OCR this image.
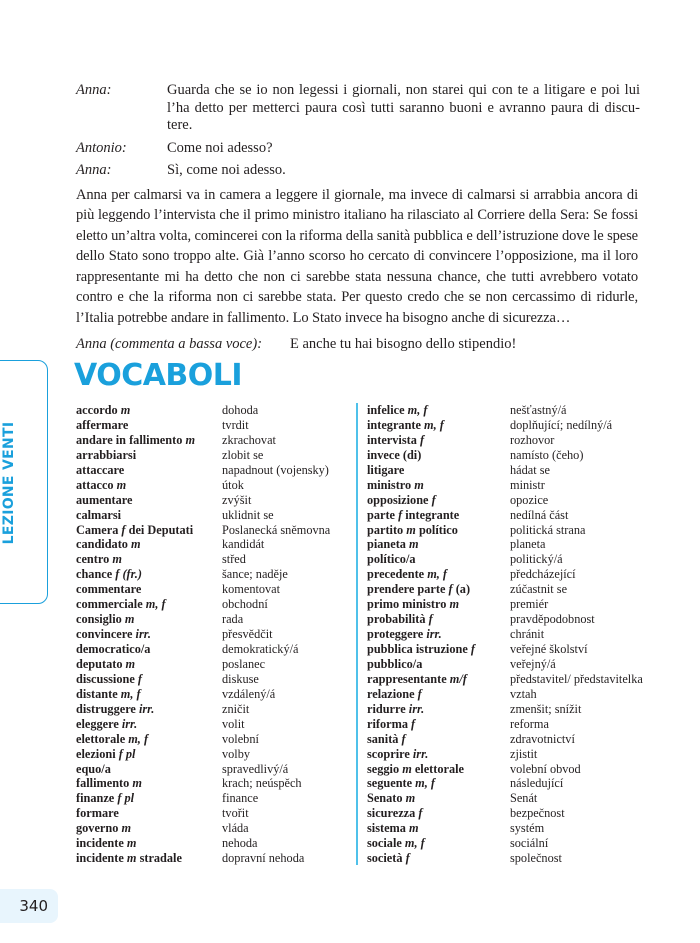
Anna:	Guarda che se io non legessi i giornali, non starei qui con te a litigare e poi lui l’ha detto per metterci paura così tutti saranno buoni e avranno paura di discu-tere.
Antonio:	Come noi adesso?
Anna:	Sì, come noi adesso.
Anna per calmarsi va in camera a leggere il giornale, ma invece di calmarsi si arrabbia ancora di più leggendo l’intervista che il primo ministro italiano ha rilasciato al Corriere della Sera: Se fossi eletto un’altra volta, comincerei con la riforma della sanità pubblica e dell’istruzione dove le spese dello Stato sono troppo alte. Già l’anno scorso ho cercato di convincere l’opposizione, ma il loro rappresentante mi ha detto che non ci sarebbe stata nessuna chance, che tutti avrebbero votato contro e che la riforma non ci sarebbe stata. Per questo credo che se non cercassimo di ridurle, l’Italia potrebbe andare in fallimento. Lo Stato invece ha bisogno anche di sicurezza…
Anna (commenta a bassa voce):	E anche tu hai bisogno dello stipendio!
LEZIONE VENTI
VOCABOLI
accordo m	dohoda
affermare	tvrdit
andare in fallimento m	zkrachovat
arrabbiarsi	zlobit se
attaccare	napadnout (vojensky)
attacco m	útok
aumentare	zvýšit
calmarsi	uklidnit se
Camera f dei Deputati	Poslanecká sněmovna
candidato m	kandidát
centro m	střed
chance f (fr.)	šance; naděje
commentare	komentovat
commerciale m, f	obchodní
consiglio m	rada
convincere irr.	přesvědčit
democratico/a	demokratický/á
deputato m	poslanec
discussione f	diskuse
distante m, f	vzdálený/á
distruggere irr.	zničit
eleggere irr.	volit
elettorale m, f	volební
elezioni f pl	volby
equo/a	spravedlivý/á
fallimento m	krach; neúspěch
finanze f pl	finance
formare	tvořit
governo m	vláda
incidente m	nehoda
incidente m stradale	dopravní nehoda
infelice m, f	nešťastný/á
integrante m, f	doplňující; nedílný/á
intervista f	rozhovor
invece (di)	namísto (čeho)
litigare	hádat se
ministro m	ministr
opposizione f	opozice
parte f integrante	nedílná část
partito m político	politická strana
pianeta m	planeta
político/a	politický/á
precedente m, f	předcházející
prendere parte f (a)	zúčastnit se
primo ministro m	premiér
probabilità f	pravděpodobnost
proteggere irr.	chránit
pubblica istruzione f	veřejné školství
pubblico/a	veřejný/á
rappresentante m/f	představitel/ představitelka
relazione f	vztah
ridurre irr.	zmenšit; snížit
riforma f	reforma
sanità f	zdravotnictví
scoprire irr.	zjistit
seggio m elettorale	volební obvod
seguente m, f	následující
Senato m	Senát
sicurezza f	bezpečnost
sistema m	systém
sociale m, f	sociální
società f	společnost
340
